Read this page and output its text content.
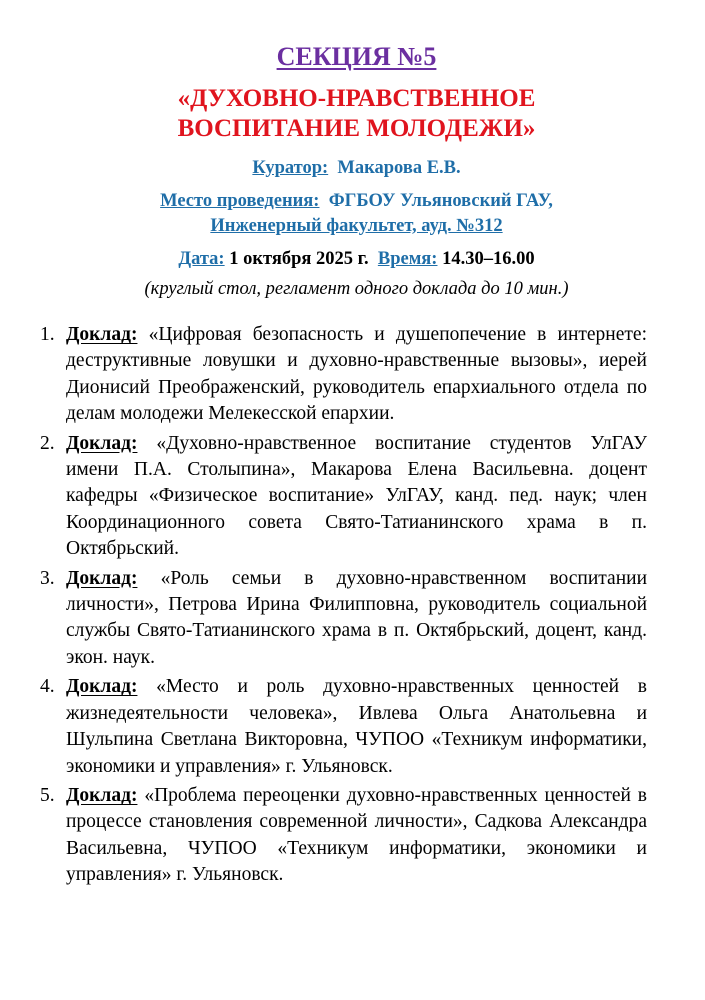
СЕКЦИЯ №5
«ДУХОВНО-НРАВСТВЕННОЕ
ВОСПИТАНИЕ МОЛОДЕЖИ»
Куратор: Макарова Е.В.
Место проведения: ФГБОУ Ульяновский ГАУ,
Инженерный факультет, ауд. №312
Дата: 1 октября 2025 г. Время: 14.30–16.00
(круглый стол, регламент одного доклада до 10 мин.)
1. Доклад: «Цифровая безопасность и душепопечение в интернете: деструктивные ловушки и духовно-нравственные вызовы», иерей Дионисий Преображенский, руководитель епархиального отдела по делам молодежи Мелекесской епархии.
2. Доклад: «Духовно-нравственное воспитание студентов УлГАУ имени П.А. Столыпина», Макарова Елена Васильевна. доцент кафедры «Физическое воспитание» УлГАУ, канд. пед. наук; член Координационного совета Свято-Татианинского храма в п. Октябрьский.
3. Доклад: «Роль семьи в духовно-нравственном воспитании личности», Петрова Ирина Филипповна, руководитель социальной службы Свято-Татианинского храма в п. Октябрьский, доцент, канд. экон. наук.
4. Доклад: «Место и роль духовно-нравственных ценностей в жизнедеятельности человека», Ивлева Ольга Анатольевна и Шульпина Светлана Викторовна, ЧУПОО «Техникум информатики, экономики и управления» г. Ульяновск.
5. Доклад: «Проблема переоценки духовно-нравственных ценностей в процессе становления современной личности», Садкова Александра Васильевна, ЧУПОО «Техникум информатики, экономики и управления» г. Ульяновск.
